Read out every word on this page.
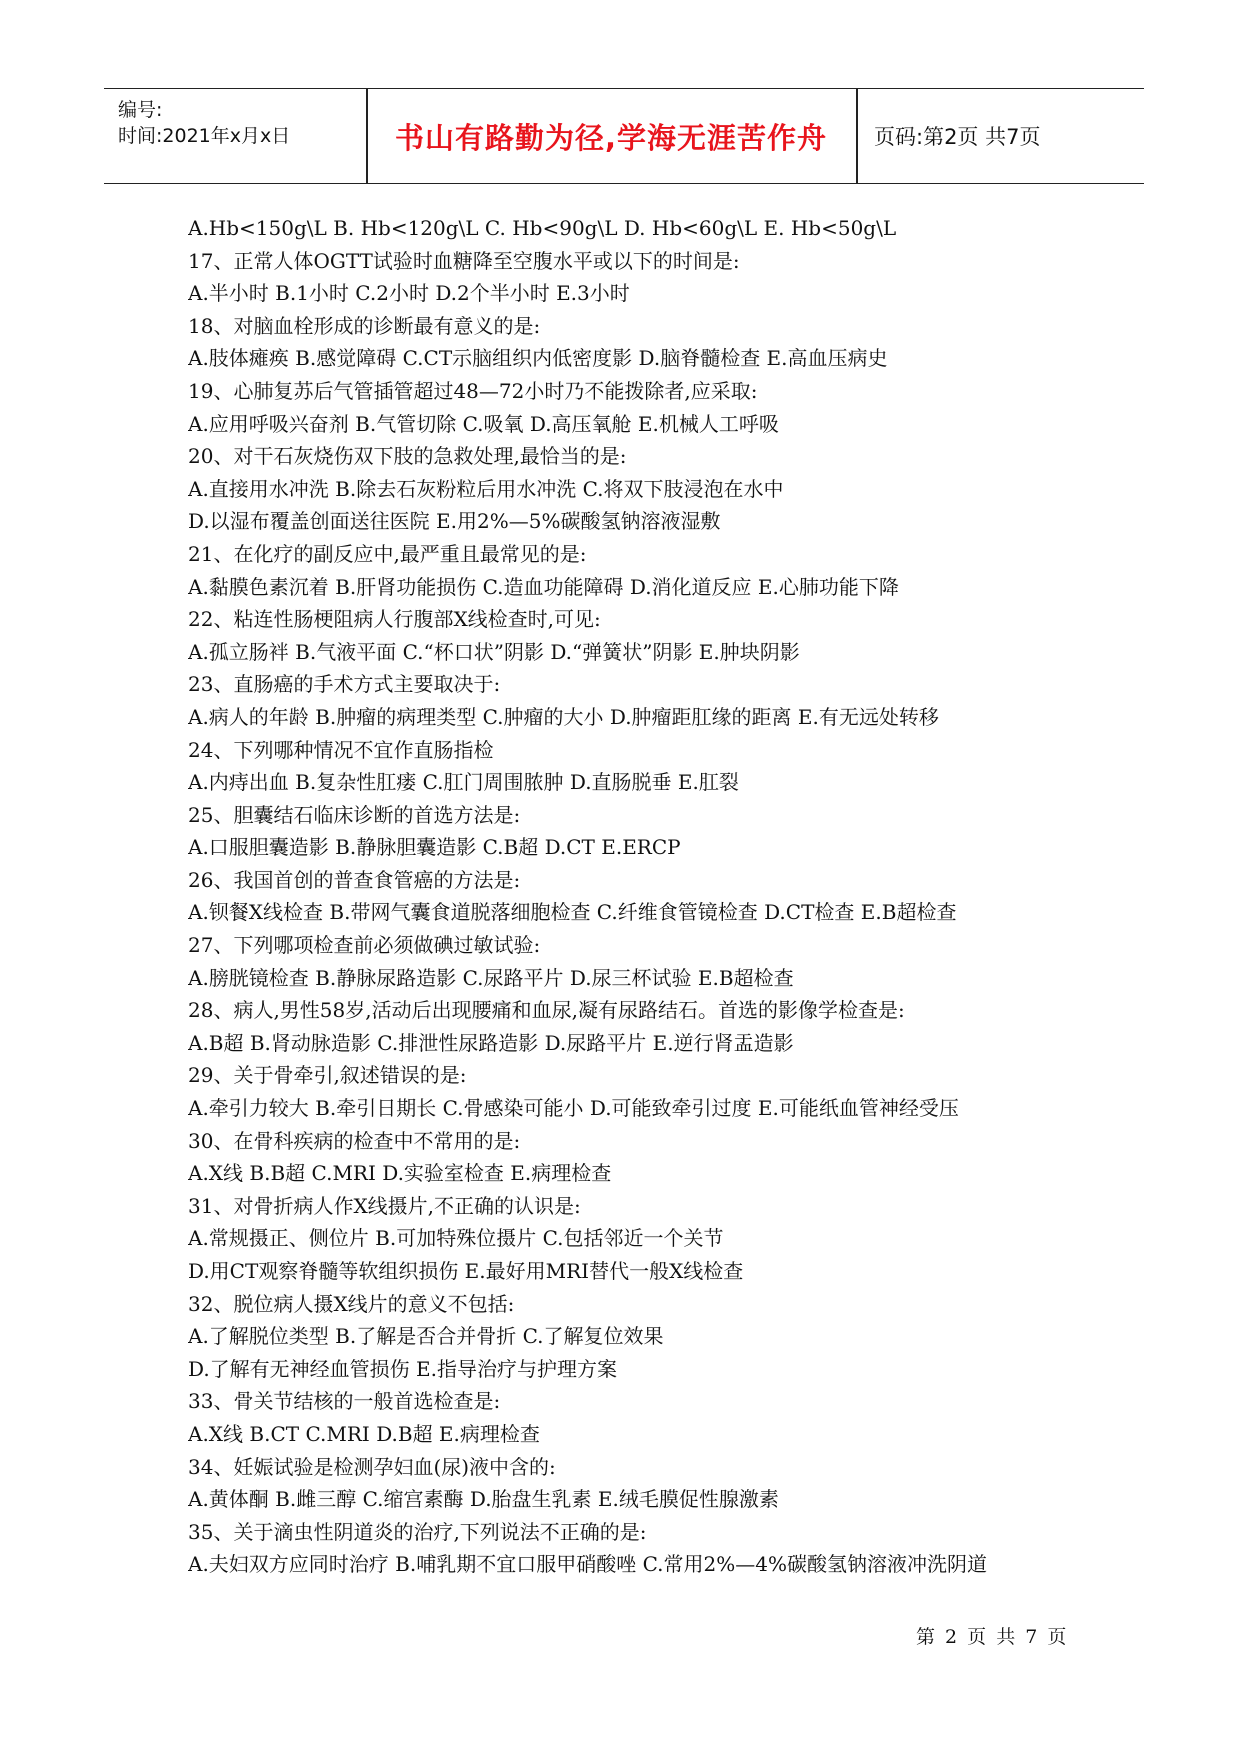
编号:
时间:2021年x月x日	书山有路勤为径,学海无涯苦作舟	页码:第2页 共7页
A.Hb<150g\L B. Hb<120g\L C. Hb<90g\L D. Hb<60g\L E. Hb<50g\L
17、正常人体OGTT试验时血糖降至空腹水平或以下的时间是:
A.半小时 B.1小时 C.2小时 D.2个半小时 E.3小时
18、对脑血栓形成的诊断最有意义的是:
A.肢体瘫痪 B.感觉障碍 C.CT示脑组织内低密度影 D.脑脊髓检查 E.高血压病史
19、心肺复苏后气管插管超过48—72小时乃不能拨除者,应采取:
A.应用呼吸兴奋剂 B.气管切除 C.吸氧 D.高压氧舱 E.机械人工呼吸
20、对干石灰烧伤双下肢的急救处理,最恰当的是:
A.直接用水冲洗 B.除去石灰粉粒后用水冲洗 C.将双下肢浸泡在水中
D.以湿布覆盖创面送往医院 E.用2%—5%碳酸氢钠溶液湿敷
21、在化疗的副反应中,最严重且最常见的是:
A.黏膜色素沉着 B.肝肾功能损伤 C.造血功能障碍 D.消化道反应 E.心肺功能下降
22、粘连性肠梗阻病人行腹部X线检查时,可见:
A.孤立肠袢 B.气液平面 C.“杯口状”阴影 D.“弹簧状”阴影 E.肿块阴影
23、直肠癌的手术方式主要取决于:
A.病人的年龄 B.肿瘤的病理类型 C.肿瘤的大小 D.肿瘤距肛缘的距离 E.有无远处转移
24、下列哪种情况不宜作直肠指检
A.内痔出血 B.复杂性肛瘘 C.肛门周围脓肿 D.直肠脱垂 E.肛裂
25、胆囊结石临床诊断的首选方法是:
A.口服胆囊造影 B.静脉胆囊造影 C.B超 D.CT E.ERCP
26、我国首创的普查食管癌的方法是:
A.钡餐X线检查 B.带网气囊食道脱落细胞检查 C.纤维食管镜检查 D.CT检查 E.B超检查
27、下列哪项检查前必须做碘过敏试验:
A.膀胱镜检查 B.静脉尿路造影 C.尿路平片 D.尿三杯试验 E.B超检查
28、病人,男性58岁,活动后出现腰痛和血尿,凝有尿路结石。首选的影像学检查是:
A.B超 B.肾动脉造影 C.排泄性尿路造影 D.尿路平片 E.逆行肾盂造影
29、关于骨牵引,叙述错误的是:
A.牵引力较大 B.牵引日期长 C.骨感染可能小 D.可能致牵引过度 E.可能纸血管神经受压
30、在骨科疾病的检查中不常用的是:
A.X线 B.B超 C.MRI D.实验室检查 E.病理检查
31、对骨折病人作X线摄片,不正确的认识是:
A.常规摄正、侧位片 B.可加特殊位摄片 C.包括邻近一个关节
D.用CT观察脊髓等软组织损伤 E.最好用MRI替代一般X线检查
32、脱位病人摄X线片的意义不包括:
A.了解脱位类型 B.了解是否合并骨折 C.了解复位效果
D.了解有无神经血管损伤 E.指导治疗与护理方案
33、骨关节结核的一般首选检查是:
A.X线 B.CT C.MRI D.B超 E.病理检查
34、妊娠试验是检测孕妇血(尿)液中含的:
A.黄体酮 B.雌三醇 C.缩宫素酶 D.胎盘生乳素 E.绒毛膜促性腺激素
35、关于滴虫性阴道炎的治疗,下列说法不正确的是:
A.夫妇双方应同时治疗 B.哺乳期不宜口服甲硝酸唑 C.常用2%—4%碳酸氢钠溶液冲洗阴道
第 2 页 共 7 页
